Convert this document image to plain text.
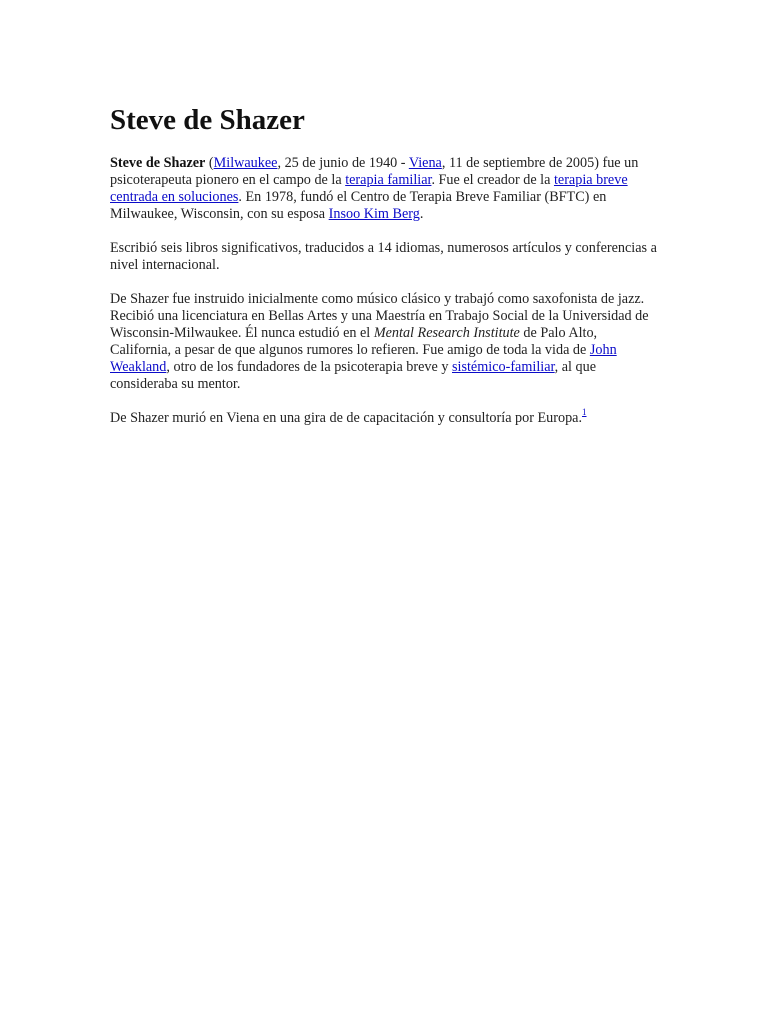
Steve de Shazer

Steve de Shazer (Milwaukee, 25 de junio de 1940 - Viena, 11 de septiembre de 2005) fue un psicoterapeuta pionero en el campo de la terapia familiar. Fue el creador de la terapia breve centrada en soluciones. En 1978, fundó el Centro de Terapia Breve Familiar (BFTC) en Milwaukee, Wisconsin, con su esposa Insoo Kim Berg.

Escribió seis libros significativos, traducidos a 14 idiomas, numerosos artículos y conferencias a nivel internacional.

De Shazer fue instruido inicialmente como músico clásico y trabajó como saxofonista de jazz. Recibió una licenciatura en Bellas Artes y una Maestría en Trabajo Social de la Universidad de Wisconsin-Milwaukee. Él nunca estudió en el Mental Research Institute de Palo Alto, California, a pesar de que algunos rumores lo refieren. Fue amigo de toda la vida de John Weakland, otro de los fundadores de la psicoterapia breve y sistémico-familiar, al que consideraba su mentor.

De Shazer murió en Viena en una gira de de capacitación y consultoría por Europa.$^1$
